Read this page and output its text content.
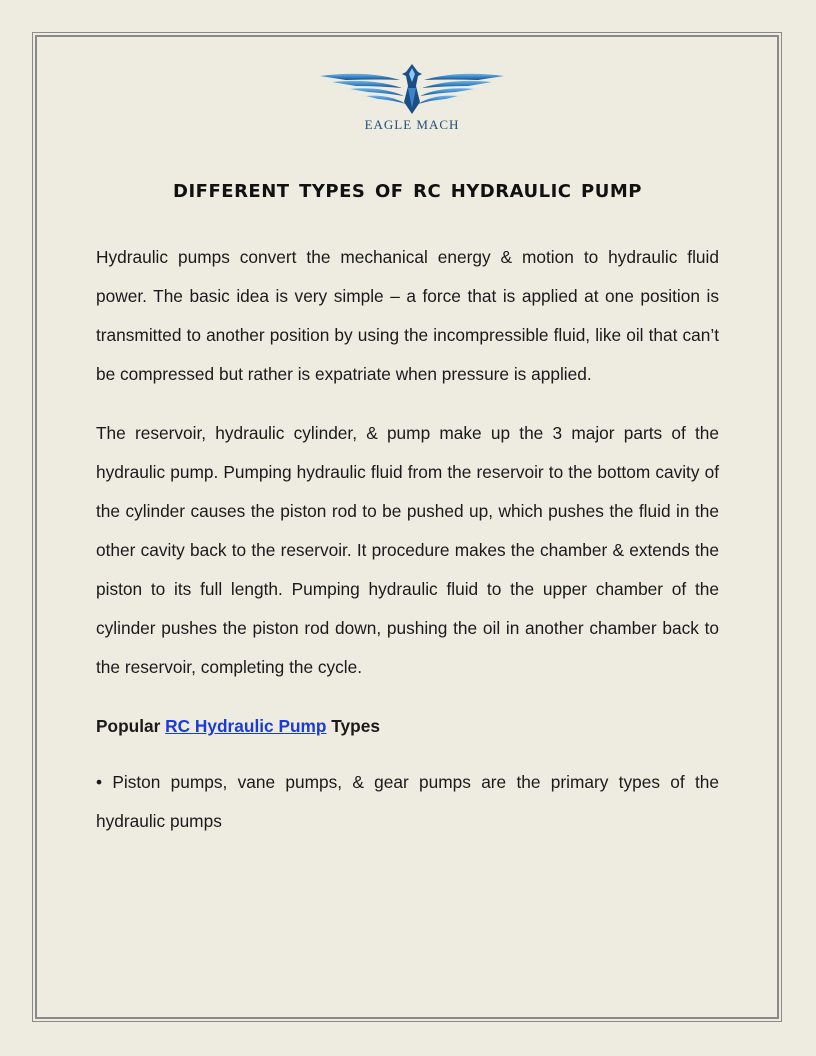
EAGLE MACH
different types of rc hydraulic pump

Hydraulic pumps convert the mechanical energy & motion to hydraulic fluid power. The basic idea is very simple – a force that is applied at one position is transmitted to another position by using the incompressible fluid, like oil that can’t be compressed but rather is expatriate when pressure is applied.

The reservoir, hydraulic cylinder, & pump make up the 3 major parts of the hydraulic pump. Pumping hydraulic fluid from the reservoir to the bottom cavity of the cylinder causes the piston rod to be pushed up, which pushes the fluid in the other cavity back to the reservoir. It procedure makes the chamber & extends the piston to its full length. Pumping hydraulic fluid to the upper chamber of the cylinder pushes the piston rod down, pushing the oil in another chamber back to the reservoir, completing the cycle.

Popular RC Hydraulic Pump Types

• Piston pumps, vane pumps, & gear pumps are the primary types of the hydraulic pumps
